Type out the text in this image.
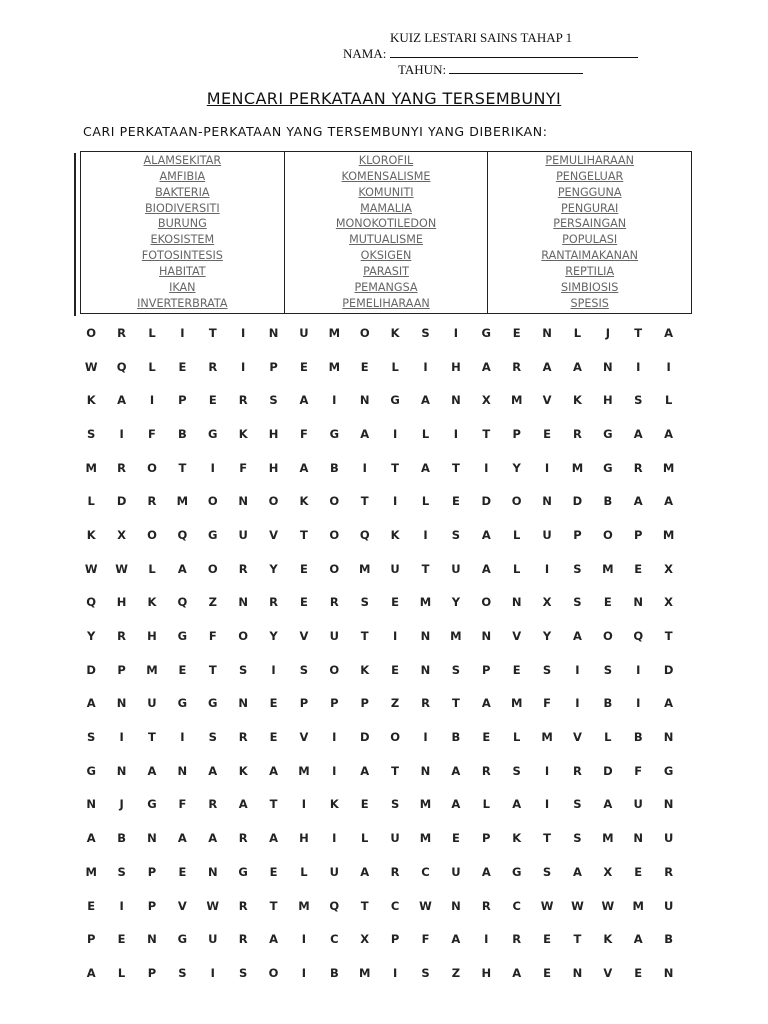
KUIZ LESTARI SAINS TAHAP 1
NAMA:
TAHUN:
MENCARI PERKATAAN YANG TERSEMBUNYI
CARI PERKATAAN-PERKATAAN YANG TERSEMBUNYI YANG DIBERIKAN:
ALAMSEKITAR
AMFIBIA
BAKTERIA
BIODIVERSITI
BURUNG
EKOSISTEM
FOTOSINTESIS
HABITAT
IKAN
INVERTERBRATA
KLOROFIL
KOMENSALISME
KOMUNITI
MAMALIA
MONOKOTILEDON
MUTUALISME
OKSIGEN
PARASIT
PEMANGSA
PEMELIHARAAN
PEMULIHARAAN
PENGELUAR
PENGGUNA
PENGURAI
PERSAINGAN
POPULASI
RANTAIMAKANAN
REPTILIA
SIMBIOSIS
SPESIS
O	R	L	I	T	I	N	U	M	O	K	S	I	G	E	N	L	J	T	A
W	Q	L	E	R	I	P	E	M	E	L	I	H	A	R	A	A	N	I	I
K	A	I	P	E	R	S	A	I	N	G	A	N	X	M	V	K	H	S	L
S	I	F	B	G	K	H	F	G	A	I	L	I	T	P	E	R	G	A	A
M	R	O	T	I	F	H	A	B	I	T	A	T	I	Y	I	M	G	R	M
L	D	R	M	O	N	O	K	O	T	I	L	E	D	O	N	D	B	A	A
K	X	O	Q	G	U	V	T	O	Q	K	I	S	A	L	U	P	O	P	M
W	W	L	A	O	R	Y	E	O	M	U	T	U	A	L	I	S	M	E	X
Q	H	K	Q	Z	N	R	E	R	S	E	M	Y	O	N	X	S	E	N	X
Y	R	H	G	F	O	Y	V	U	T	I	N	M	N	V	Y	A	O	Q	T
D	P	M	E	T	S	I	S	O	K	E	N	S	P	E	S	I	S	I	D
A	N	U	G	G	N	E	P	P	P	Z	R	T	A	M	F	I	B	I	A
S	I	T	I	S	R	E	V	I	D	O	I	B	E	L	M	V	L	B	N
G	N	A	N	A	K	A	M	I	A	T	N	A	R	S	I	R	D	F	G
N	J	G	F	R	A	T	I	K	E	S	M	A	L	A	I	S	A	U	N
A	B	N	A	A	R	A	H	I	L	U	M	E	P	K	T	S	M	N	U
M	S	P	E	N	G	E	L	U	A	R	C	U	A	G	S	A	X	E	R
E	I	P	V	W	R	T	M	Q	T	C	W	N	R	C	W	W	W	M	U
P	E	N	G	U	R	A	I	C	X	P	F	A	I	R	E	T	K	A	B
A	L	P	S	I	S	O	I	B	M	I	S	Z	H	A	E	N	V	E	N
